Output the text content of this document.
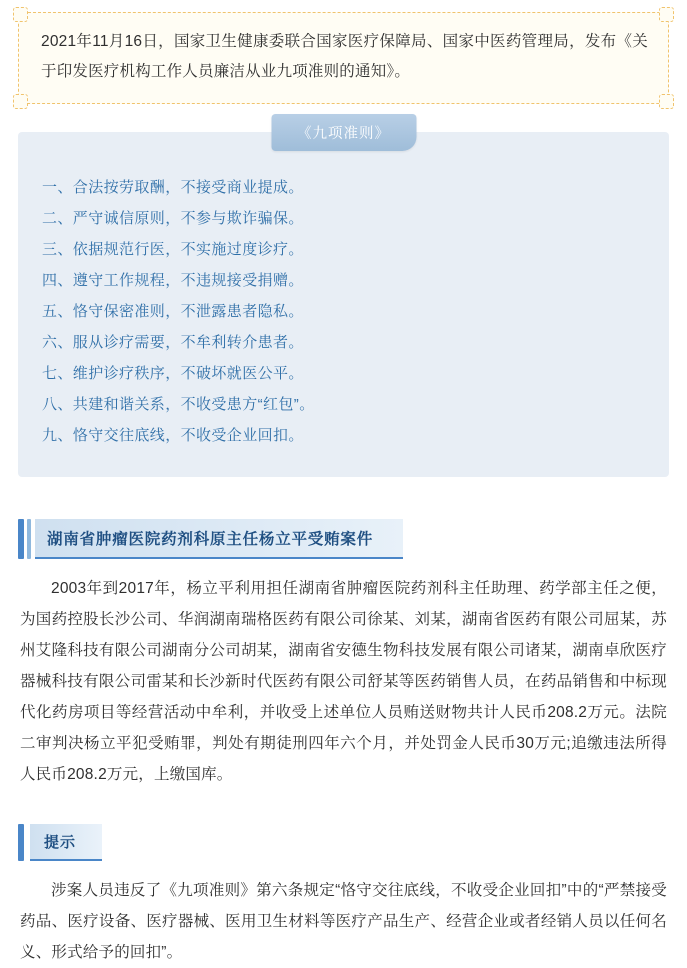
2021年11月16日，国家卫生健康委联合国家医疗保障局、国家中医药管理局，发布《关于印发医疗机构工作人员廉洁从业九项准则的通知》。
《九项准则》
一、合法按劳取酬，不接受商业提成。
二、严守诚信原则，不参与欺诈骗保。
三、依据规范行医，不实施过度诊疗。
四、遵守工作规程，不违规接受捐赠。
五、恪守保密准则，不泄露患者隐私。
六、服从诊疗需要，不牟利转介患者。
七、维护诊疗秩序，不破坏就医公平。
八、共建和谐关系，不收受患方“红包”。
九、恪守交往底线，不收受企业回扣。
湖南省肿瘤医院药剂科原主任杨立平受贿案件
2003年到2017年，杨立平利用担任湖南省肿瘤医院药剂科主任助理、药学部主任之便，为国药控股长沙公司、华润湖南瑞格医药有限公司徐某、刘某，湖南省医药有限公司屈某，苏州艾隆科技有限公司湖南分公司胡某，湖南省安德生物科技发展有限公司诸某，湖南卓欣医疗器械科技有限公司雷某和长沙新时代医药有限公司舒某等医药销售人员，在药品销售和中标现代化药房项目等经营活动中牟利，并收受上述单位人员贿送财物共计人民币208.2万元。法院二审判决杨立平犯受贿罪，判处有期徒刑四年六个月，并处罚金人民币30万元;追缴违法所得人民币208.2万元，上缴国库。
提示
涉案人员违反了《九项准则》第六条规定“恪守交往底线，不收受企业回扣”中的“严禁接受药品、医疗设备、医疗器械、医用卫生材料等医疗产品生产、经营企业或者经销人员以任何名义、形式给予的回扣”。
